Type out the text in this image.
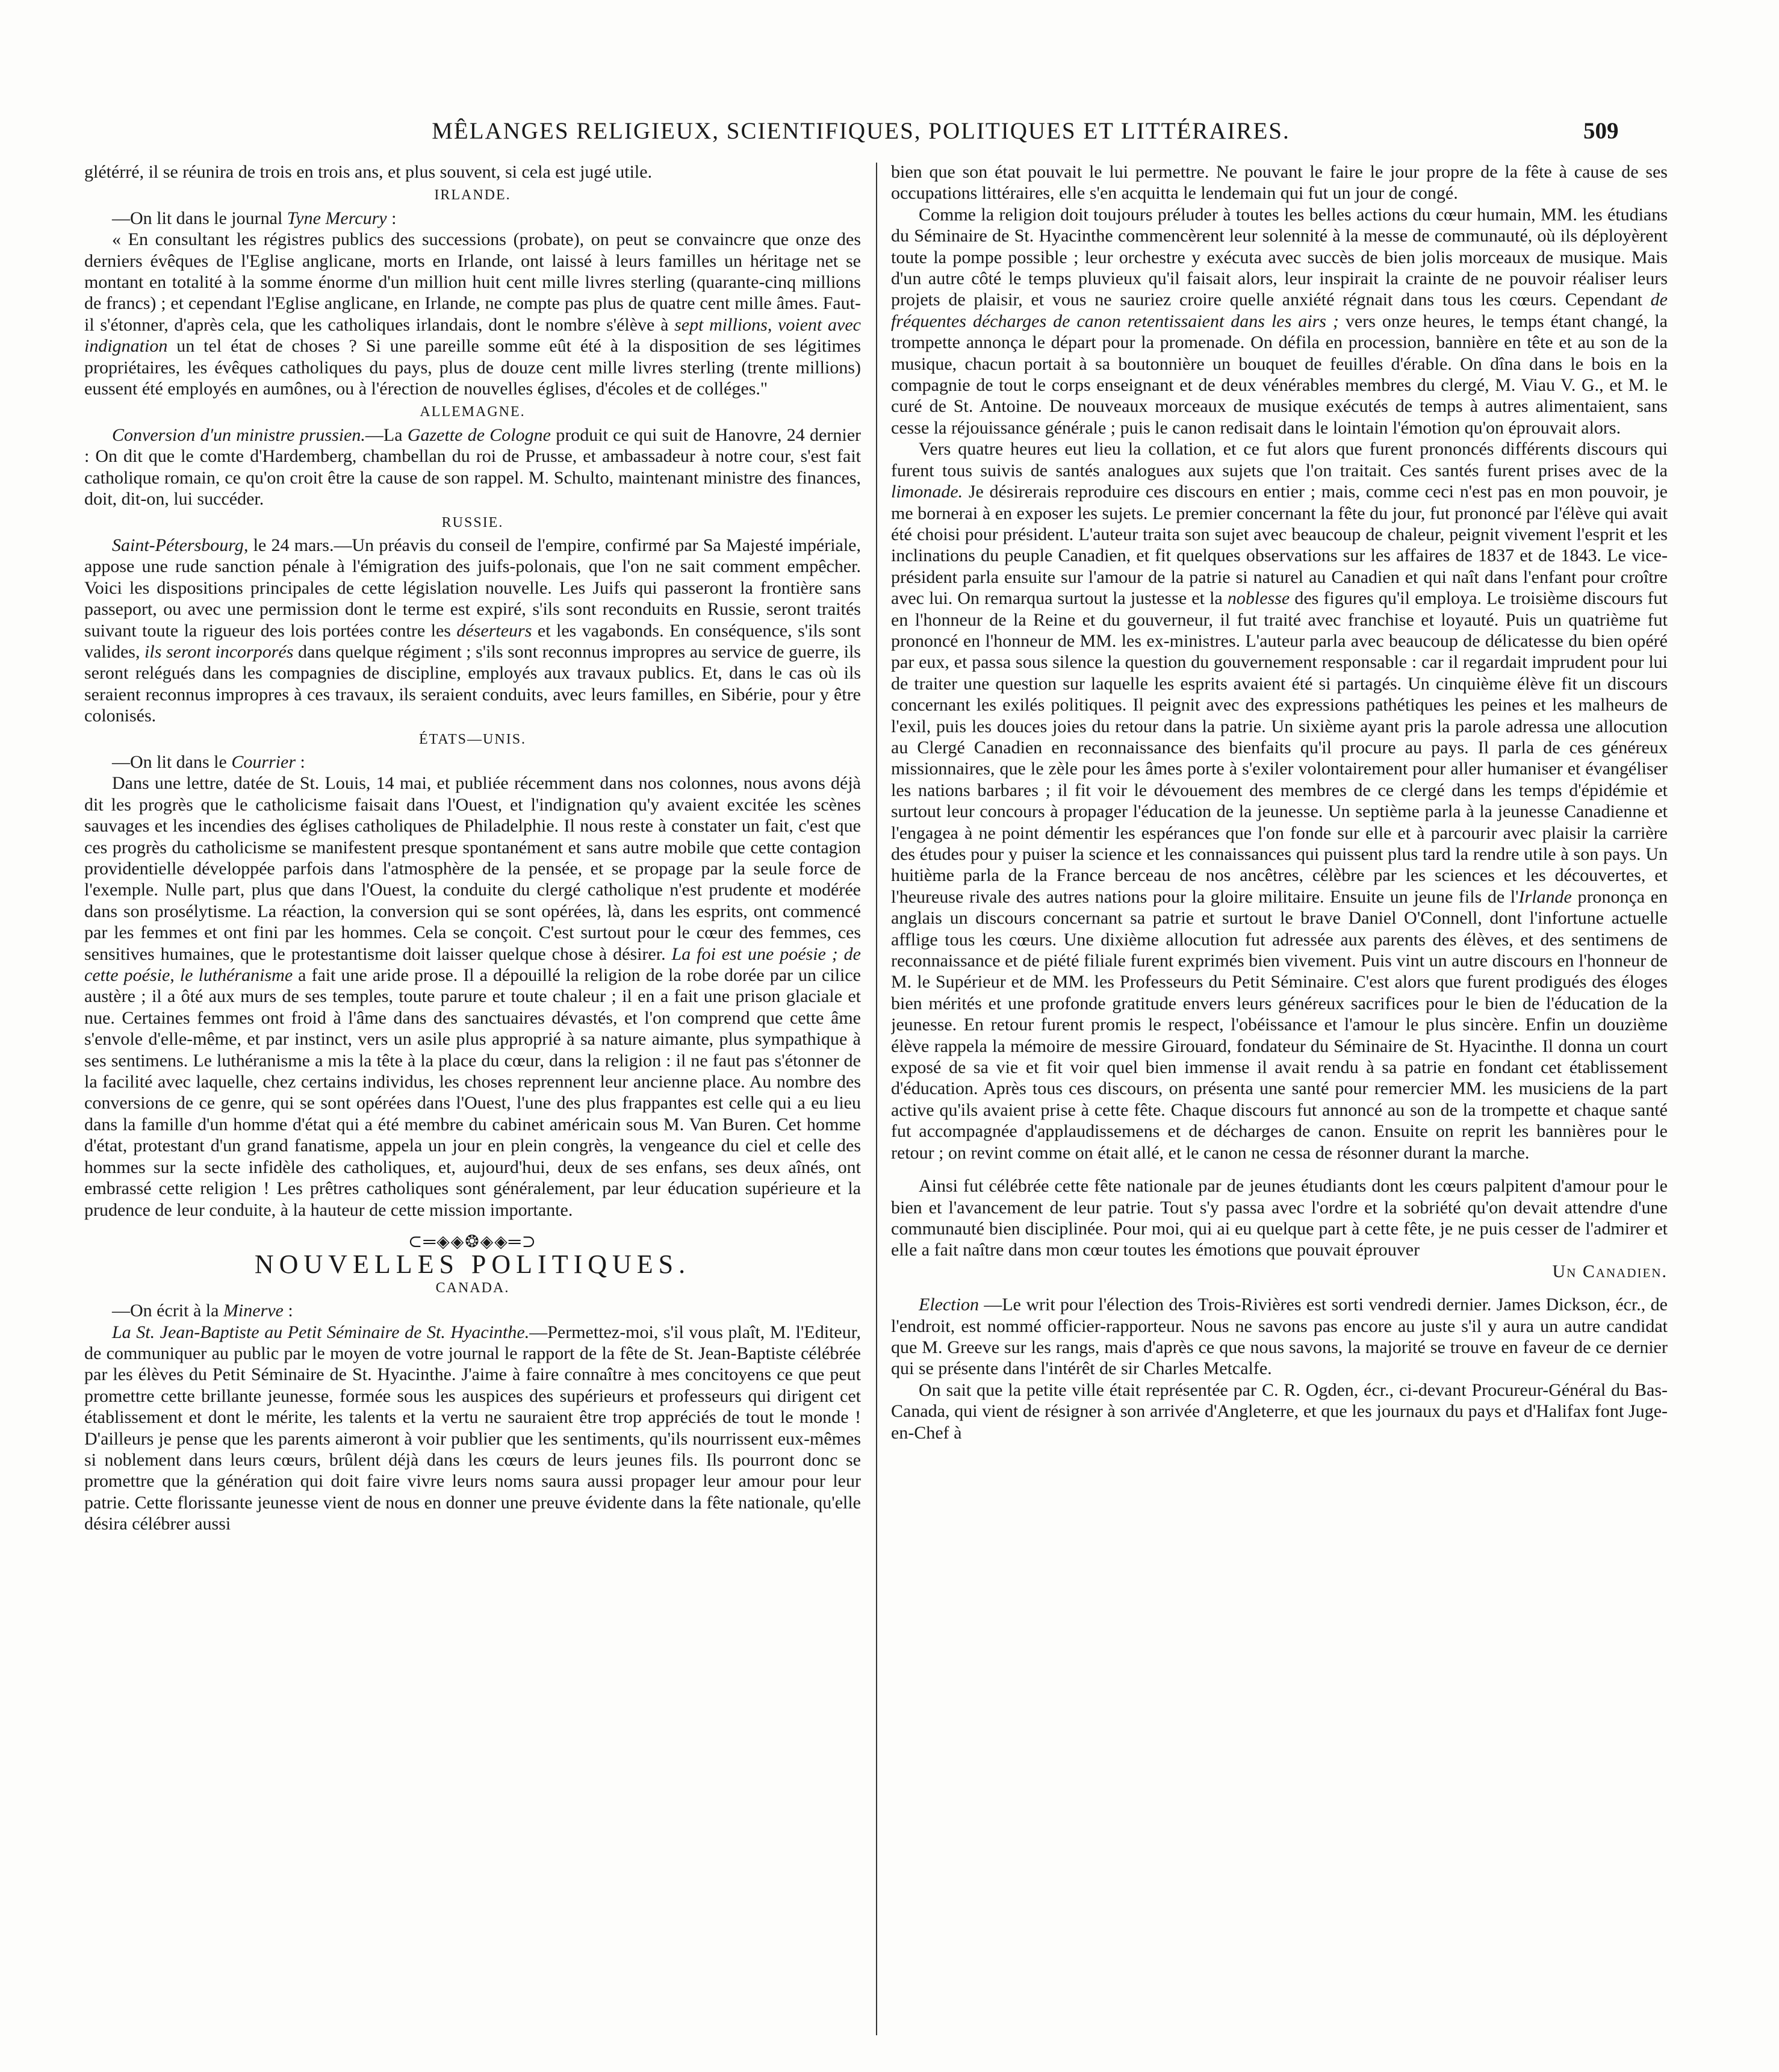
MÊLANGES RELIGIEUX, SCIENTIFIQUES, POLITIQUES ET LITTÉRAIRES.	509

glétérré, il se réunira de trois en trois ans, et plus souvent, si cela est jugé utile.

IRLANDE.

—On lit dans le journal Tyne Mercury :

« En consultant les régistres publics des successions (probate), on peut se convaincre que onze des derniers évêques de l'Eglise anglicane, morts en Irlande, ont laissé à leurs familles un héritage net se montant en totalité à la somme énorme d'un million huit cent mille livres sterling (quarante-cinq millions de francs) ; et cependant l'Eglise anglicane, en Irlande, ne compte pas plus de quatre cent mille âmes. Faut-il s'étonner, d'après cela, que les catholiques irlandais, dont le nombre s'élève à sept millions, voient avec indignation un tel état de choses ? Si une pareille somme eût été à la disposition de ses légitimes propriétaires, les évêques catholiques du pays, plus de douze cent mille livres sterling (trente millions) eussent été employés en aumônes, ou à l'érection de nouvelles églises, d'écoles et de colléges."

ALLEMAGNE.

Conversion d'un ministre prussien.—La Gazette de Cologne produit ce qui suit de Hanovre, 24 dernier : On dit que le comte d'Hardemberg, chambellan du roi de Prusse, et ambassadeur à notre cour, s'est fait catholique romain, ce qu'on croit être la cause de son rappel. M. Schulto, maintenant ministre des finances, doit, dit-on, lui succéder.

RUSSIE.

Saint-Pétersbourg, le 24 mars.—Un préavis du conseil de l'empire, confirmé par Sa Majesté impériale, appose une rude sanction pénale à l'émigration des juifs-polonais, que l'on ne sait comment empêcher. Voici les dispositions principales de cette législation nouvelle. Les Juifs qui passeront la frontière sans passeport, ou avec une permission dont le terme est expiré, s'ils sont reconduits en Russie, seront traités suivant toute la rigueur des lois portées contre les déserteurs et les vagabonds. En conséquence, s'ils sont valides, ils seront incorporés dans quelque régiment ; s'ils sont reconnus impropres au service de guerre, ils seront relégués dans les compagnies de discipline, employés aux travaux publics. Et, dans le cas où ils seraient reconnus impropres à ces travaux, ils seraient conduits, avec leurs familles, en Sibérie, pour y être colonisés.

ÉTATS—UNIS.

—On lit dans le Courrier :

Dans une lettre, datée de St. Louis, 14 mai, et publiée récemment dans nos colonnes, nous avons déjà dit les progrès que le catholicisme faisait dans l'Ouest, et l'indignation qu'y avaient excitée les scènes sauvages et les incendies des églises catholiques de Philadelphie. Il nous reste à constater un fait, c'est que ces progrès du catholicisme se manifestent presque spontanément et sans autre mobile que cette contagion providentielle développée parfois dans l'atmosphère de la pensée, et se propage par la seule force de l'exemple. Nulle part, plus que dans l'Ouest, la conduite du clergé catholique n'est prudente et modérée dans son prosélytisme. La réaction, la conversion qui se sont opérées, là, dans les esprits, ont commencé par les femmes et ont fini par les hommes. Cela se conçoit. C'est surtout pour le cœur des femmes, ces sensitives humaines, que le protestantisme doit laisser quelque chose à désirer. La foi est une poésie ; de cette poésie, le luthéranisme a fait une aride prose. Il a dépouillé la religion de la robe dorée par un cilice austère ; il a ôté aux murs de ses temples, toute parure et toute chaleur ; il en a fait une prison glaciale et nue. Certaines femmes ont froid à l'âme dans des sanctuaires dévastés, et l'on comprend que cette âme s'envole d'elle-même, et par instinct, vers un asile plus approprié à sa nature aimante, plus sympathique à ses sentimens. Le luthéranisme a mis la tête à la place du cœur, dans la religion : il ne faut pas s'étonner de la facilité avec laquelle, chez certains individus, les choses reprennent leur ancienne place. Au nombre des conversions de ce genre, qui se sont opérées dans l'Ouest, l'une des plus frappantes est celle qui a eu lieu dans la famille d'un homme d'état qui a été membre du cabinet américain sous M. Van Buren. Cet homme d'état, protestant d'un grand fanatisme, appela un jour en plein congrès, la vengeance du ciel et celle des hommes sur la secte infidèle des catholiques, et, aujourd'hui, deux de ses enfans, ses deux aînés, ont embrassé cette religion ! Les prêtres catholiques sont généralement, par leur éducation supérieure et la prudence de leur conduite, à la hauteur de cette mission importante.

⊂═◈◈❂◈◈═⊃
NOUVELLES POLITIQUES.
CANADA.

—On écrit à la Minerve :

La St. Jean-Baptiste au Petit Séminaire de St. Hyacinthe.—Permettez-moi, s'il vous plaît, M. l'Editeur, de communiquer au public par le moyen de votre journal le rapport de la fête de St. Jean-Baptiste célébrée par les élèves du Petit Séminaire de St. Hyacinthe. J'aime à faire connaître à mes concitoyens ce que peut promettre cette brillante jeunesse, formée sous les auspices des supérieurs et professeurs qui dirigent cet établissement et dont le mérite, les talents et la vertu ne sauraient être trop appréciés de tout le monde ! D'ailleurs je pense que les parents aimeront à voir publier que les sentiments, qu'ils nourrissent eux-mêmes si noblement dans leurs cœurs, brûlent déjà dans les cœurs de leurs jeunes fils. Ils pourront donc se promettre que la génération qui doit faire vivre leurs noms saura aussi propager leur amour pour leur patrie. Cette florissante jeunesse vient de nous en donner une preuve évidente dans la fête nationale, qu'elle désira célébrer aussi

bien que son état pouvait le lui permettre. Ne pouvant le faire le jour propre de la fête à cause de ses occupations littéraires, elle s'en acquitta le lendemain qui fut un jour de congé.

Comme la religion doit toujours préluder à toutes les belles actions du cœur humain, MM. les étudians du Séminaire de St. Hyacinthe commencèrent leur solennité à la messe de communauté, où ils déployèrent toute la pompe possible ; leur orchestre y exécuta avec succès de bien jolis morceaux de musique. Mais d'un autre côté le temps pluvieux qu'il faisait alors, leur inspirait la crainte de ne pouvoir réaliser leurs projets de plaisir, et vous ne sauriez croire quelle anxiété régnait dans tous les cœurs. Cependant de fréquentes décharges de canon retentissaient dans les airs ; vers onze heures, le temps étant changé, la trompette annonça le départ pour la promenade. On défila en procession, bannière en tête et au son de la musique, chacun portait à sa boutonnière un bouquet de feuilles d'érable. On dîna dans le bois en la compagnie de tout le corps enseignant et de deux vénérables membres du clergé, M. Viau V. G., et M. le curé de St. Antoine. De nouveaux morceaux de musique exécutés de temps à autres alimentaient, sans cesse la réjouissance générale ; puis le canon redisait dans le lointain l'émotion qu'on éprouvait alors.

Vers quatre heures eut lieu la collation, et ce fut alors que furent prononcés différents discours qui furent tous suivis de santés analogues aux sujets que l'on traitait. Ces santés furent prises avec de la limonade. Je désirerais reproduire ces discours en entier ; mais, comme ceci n'est pas en mon pouvoir, je me bornerai à en exposer les sujets. Le premier concernant la fête du jour, fut prononcé par l'élève qui avait été choisi pour président. L'auteur traita son sujet avec beaucoup de chaleur, peignit vivement l'esprit et les inclinations du peuple Canadien, et fit quelques observations sur les affaires de 1837 et de 1843. Le vice-président parla ensuite sur l'amour de la patrie si naturel au Canadien et qui naît dans l'enfant pour croître avec lui. On remarqua surtout la justesse et la noblesse des figures qu'il employa. Le troisième discours fut en l'honneur de la Reine et du gouverneur, il fut traité avec franchise et loyauté. Puis un quatrième fut prononcé en l'honneur de MM. les ex-ministres. L'auteur parla avec beaucoup de délicatesse du bien opéré par eux, et passa sous silence la question du gouvernement responsable : car il regardait imprudent pour lui de traiter une question sur laquelle les esprits avaient été si partagés. Un cinquième élève fit un discours concernant les exilés politiques. Il peignit avec des expressions pathétiques les peines et les malheurs de l'exil, puis les douces joies du retour dans la patrie. Un sixième ayant pris la parole adressa une allocution au Clergé Canadien en reconnaissance des bienfaits qu'il procure au pays. Il parla de ces généreux missionnaires, que le zèle pour les âmes porte à s'exiler volontairement pour aller humaniser et évangéliser les nations barbares ; il fit voir le dévouement des membres de ce clergé dans les temps d'épidémie et surtout leur concours à propager l'éducation de la jeunesse. Un septième parla à la jeunesse Canadienne et l'engagea à ne point démentir les espérances que l'on fonde sur elle et à parcourir avec plaisir la carrière des études pour y puiser la science et les connaissances qui puissent plus tard la rendre utile à son pays. Un huitième parla de la France berceau de nos ancêtres, célèbre par les sciences et les découvertes, et l'heureuse rivale des autres nations pour la gloire militaire. Ensuite un jeune fils de l'Irlande prononça en anglais un discours concernant sa patrie et surtout le brave Daniel O'Connell, dont l'infortune actuelle afflige tous les cœurs. Une dixième allocution fut adressée aux parents des élèves, et des sentimens de reconnaissance et de piété filiale furent exprimés bien vivement. Puis vint un autre discours en l'honneur de M. le Supérieur et de MM. les Professeurs du Petit Séminaire. C'est alors que furent prodigués des éloges bien mérités et une profonde gratitude envers leurs généreux sacrifices pour le bien de l'éducation de la jeunesse. En retour furent promis le respect, l'obéissance et l'amour le plus sincère. Enfin un douzième élève rappela la mémoire de messire Girouard, fondateur du Séminaire de St. Hyacinthe. Il donna un court exposé de sa vie et fit voir quel bien immense il avait rendu à sa patrie en fondant cet établissement d'éducation. Après tous ces discours, on présenta une santé pour remercier MM. les musiciens de la part active qu'ils avaient prise à cette fête. Chaque discours fut annoncé au son de la trompette et chaque santé fut accompagnée d'applaudissemens et de décharges de canon. Ensuite on reprit les bannières pour le retour ; on revint comme on était allé, et le canon ne cessa de résonner durant la marche.

Ainsi fut célébrée cette fête nationale par de jeunes étudiants dont les cœurs palpitent d'amour pour le bien et l'avancement de leur patrie. Tout s'y passa avec l'ordre et la sobriété qu'on devait attendre d'une communauté bien disciplinée. Pour moi, qui ai eu quelque part à cette fête, je ne puis cesser de l'admirer et elle a fait naître dans mon cœur toutes les émotions que pouvait éprouver

Un Canadien.

Election —Le writ pour l'élection des Trois-Rivières est sorti vendredi dernier. James Dickson, écr., de l'endroit, est nommé officier-rapporteur. Nous ne savons pas encore au juste s'il y aura un autre candidat que M. Greeve sur les rangs, mais d'après ce que nous savons, la majorité se trouve en faveur de ce dernier qui se présente dans l'intérêt de sir Charles Metcalfe.

On sait que la petite ville était représentée par C. R. Ogden, écr., ci-devant Procureur-Général du Bas-Canada, qui vient de résigner à son arrivée d'Angleterre, et que les journaux du pays et d'Halifax font Juge-en-Chef à
